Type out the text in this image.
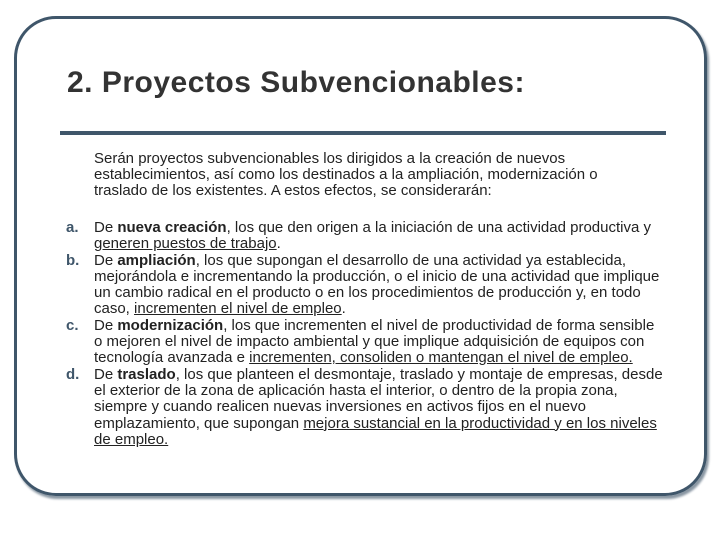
2. Proyectos Subvencionables:

Serán proyectos subvencionables los dirigidos a la creación de nuevos establecimientos, así como los destinados a la ampliación, modernización o traslado de los existentes. A estos efectos, se considerarán:

a.	De nueva creación, los que den origen a la iniciación de una actividad productiva y generen puestos de trabajo.

b. De ampliación, los que supongan el desarrollo de una actividad ya establecida, mejorándola e incrementando la producción, o el inicio de una actividad que implique un cambio radical en el producto o en los procedimientos de producción y, en todo caso, incrementen el nivel de empleo.

c.	De modernización, los que incrementen el nivel de productividad de forma sensible o mejoren el nivel de impacto ambiental y que implique adquisición de equipos con tecnología avanzada e incrementen, consoliden o mantengan el nivel de empleo.

d. De traslado, los que planteen el desmontaje, traslado y montaje de empresas, desde el exterior de la zona de aplicación hasta el interior, o dentro de la propia zona, siempre y cuando realicen nuevas inversiones en activos fijos en el nuevo emplazamiento, que supongan mejora sustancial en la productividad y en los niveles de empleo.
